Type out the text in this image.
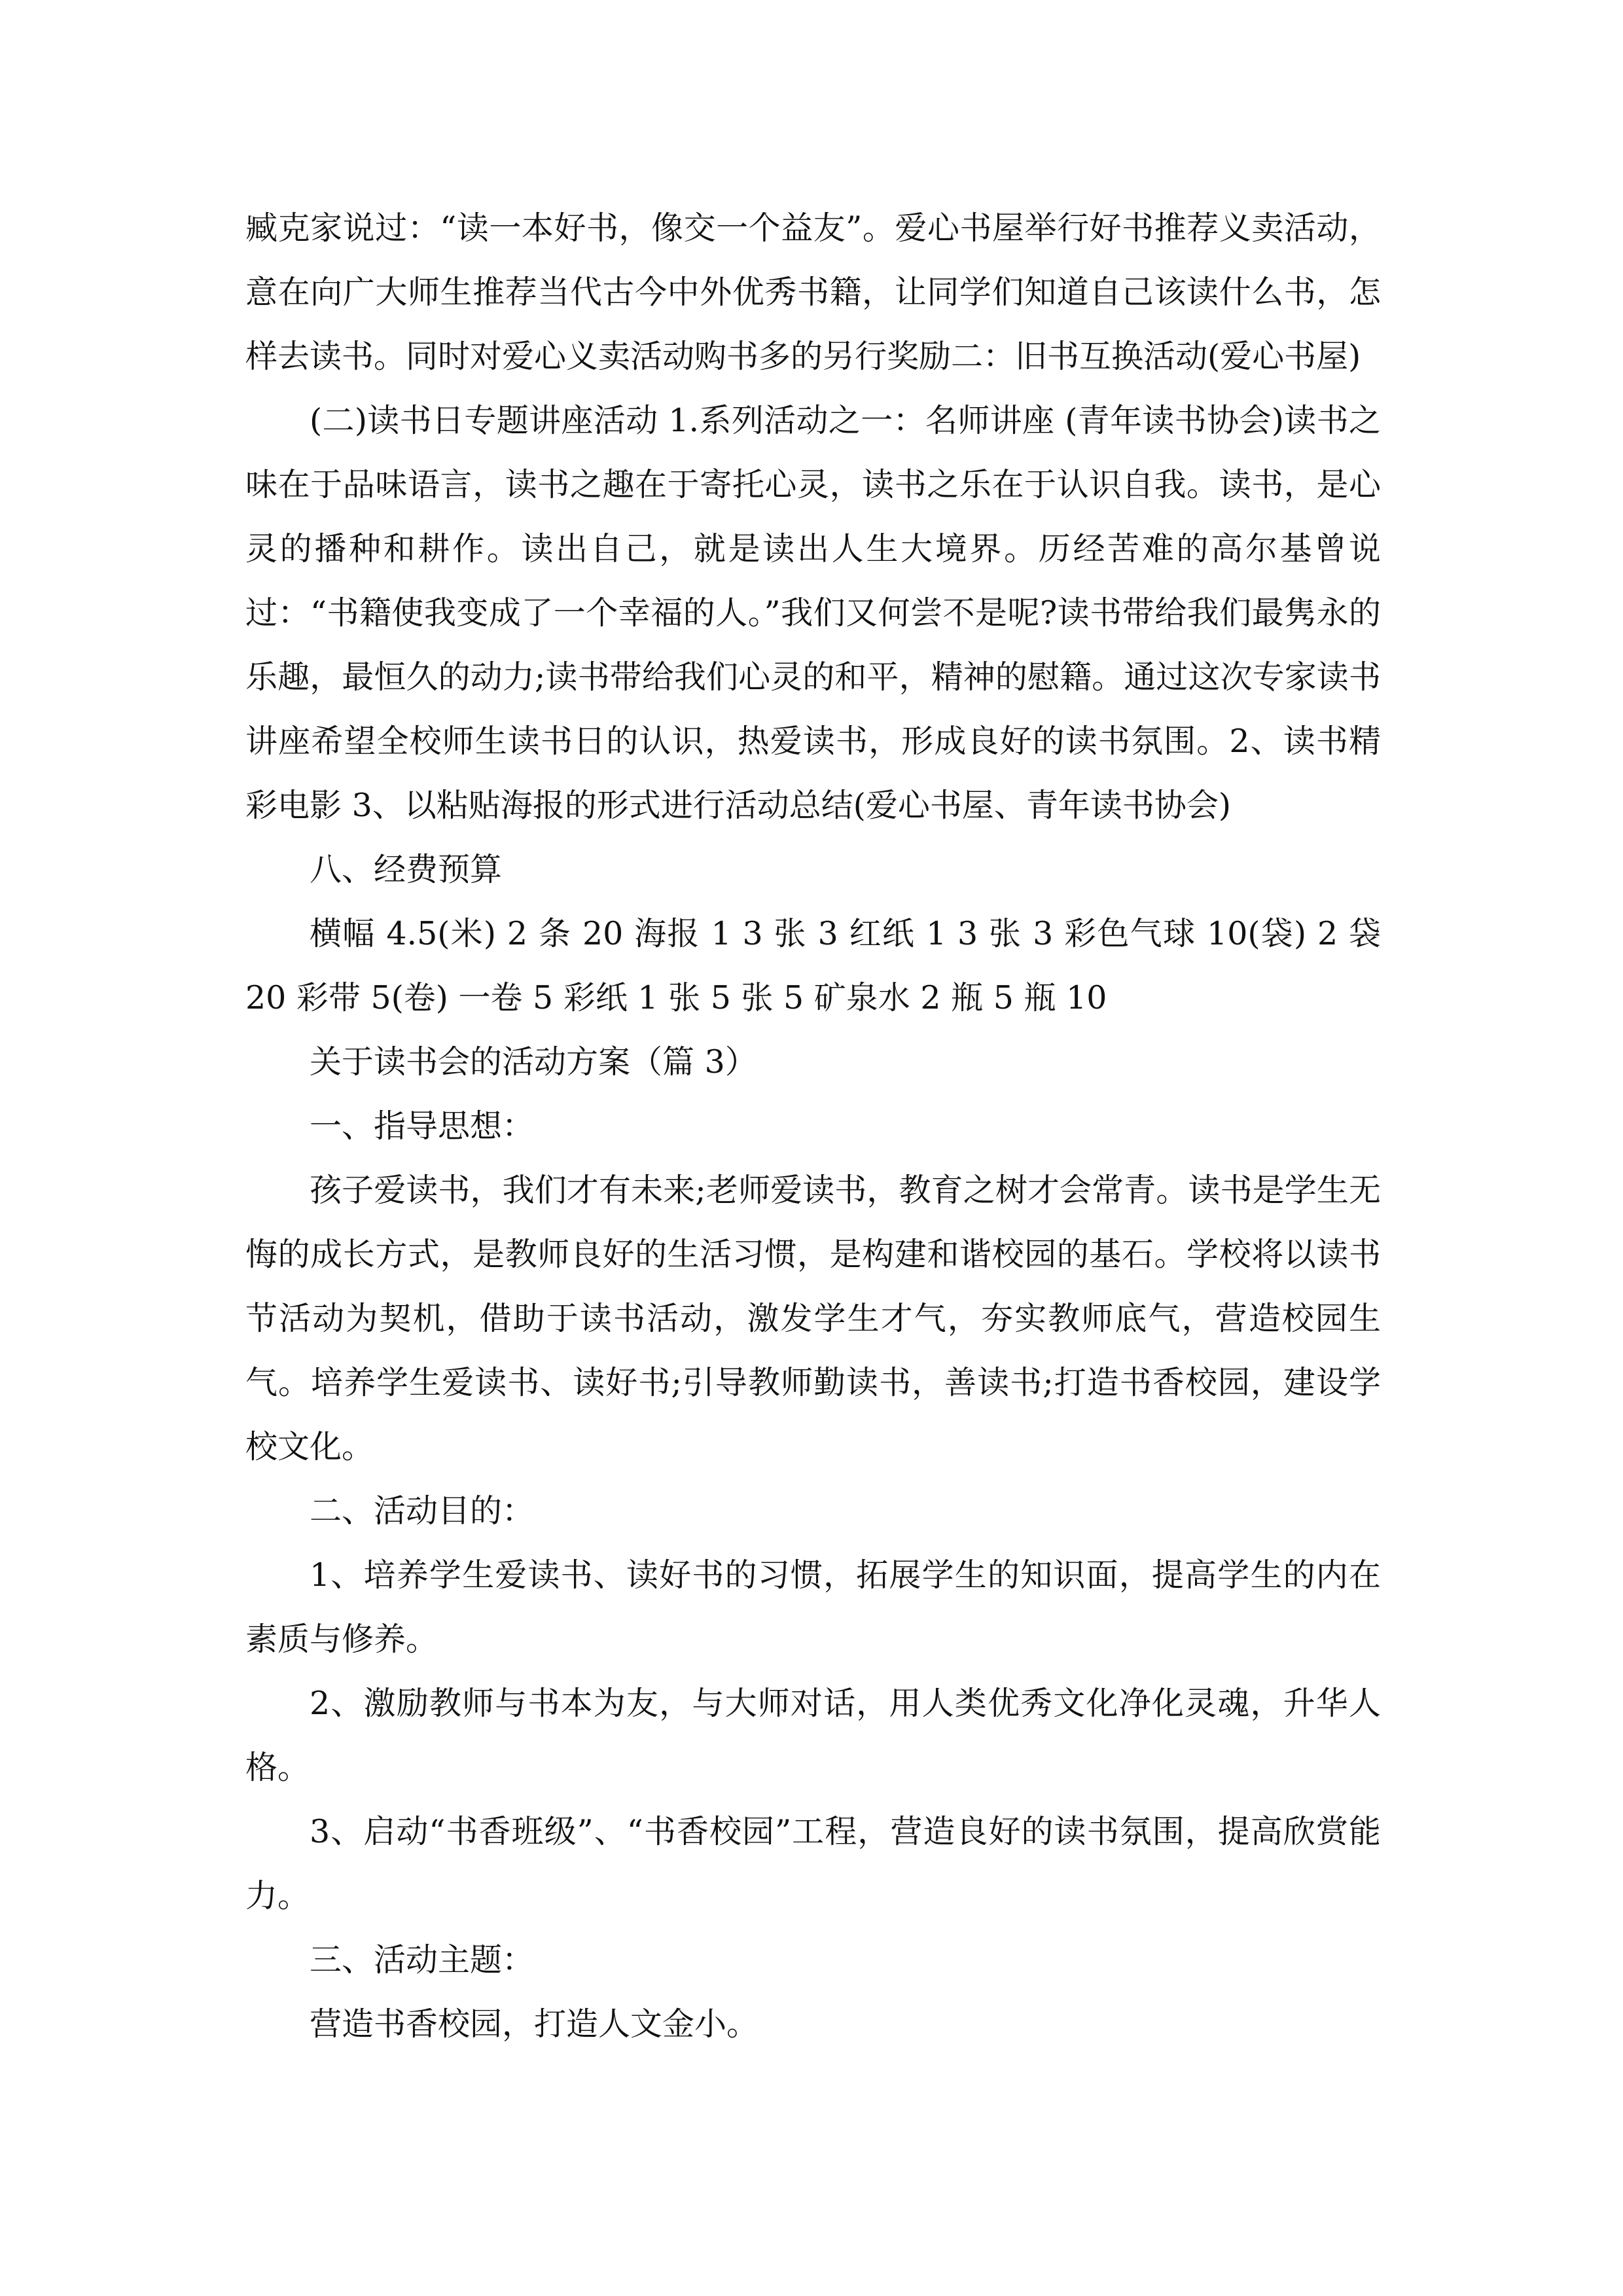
臧克家说过：“读一本好书，像交一个益友”。爱心书屋举行好书推荐义卖活动，意在向广大师生推荐当代古今中外优秀书籍，让同学们知道自己该读什么书，怎样去读书。同时对爱心义卖活动购书多的另行奖励二：旧书互换活动(爱心书屋)

(二)读书日专题讲座活动 1.系列活动之一：名师讲座 (青年读书协会)读书之味在于品味语言，读书之趣在于寄托心灵，读书之乐在于认识自我。读书，是心灵的播种和耕作。读出自己，就是读出人生大境界。历经苦难的高尔基曾说过：“书籍使我变成了一个幸福的人。”我们又何尝不是呢?读书带给我们最隽永的乐趣，最恒久的动力;读书带给我们心灵的和平，精神的慰籍。通过这次专家读书讲座希望全校师生读书日的认识，热爱读书，形成良好的读书氛围。2、读书精彩电影 3、以粘贴海报的形式进行活动总结(爱心书屋、青年读书协会)

八、经费预算

横幅 4.5(米) 2 条 20 海报 1 3 张 3 红纸 1 3 张 3 彩色气球 10(袋) 2 袋 20 彩带 5(卷) 一卷 5 彩纸 1 张 5 张 5 矿泉水 2 瓶 5 瓶 10

关于读书会的活动方案（篇 3）

一、指导思想：

孩子爱读书，我们才有未来;老师爱读书，教育之树才会常青。读书是学生无悔的成长方式，是教师良好的生活习惯，是构建和谐校园的基石。学校将以读书节活动为契机，借助于读书活动，激发学生才气，夯实教师底气，营造校园生气。培养学生爱读书、读好书;引导教师勤读书，善读书;打造书香校园，建设学校文化。

二、活动目的：

1、培养学生爱读书、读好书的习惯，拓展学生的知识面，提高学生的内在素质与修养。

2、激励教师与书本为友，与大师对话，用人类优秀文化净化灵魂，升华人格。

3、启动“书香班级”、“书香校园”工程，营造良好的读书氛围，提高欣赏能力。

三、活动主题：

营造书香校园，打造人文金小。
